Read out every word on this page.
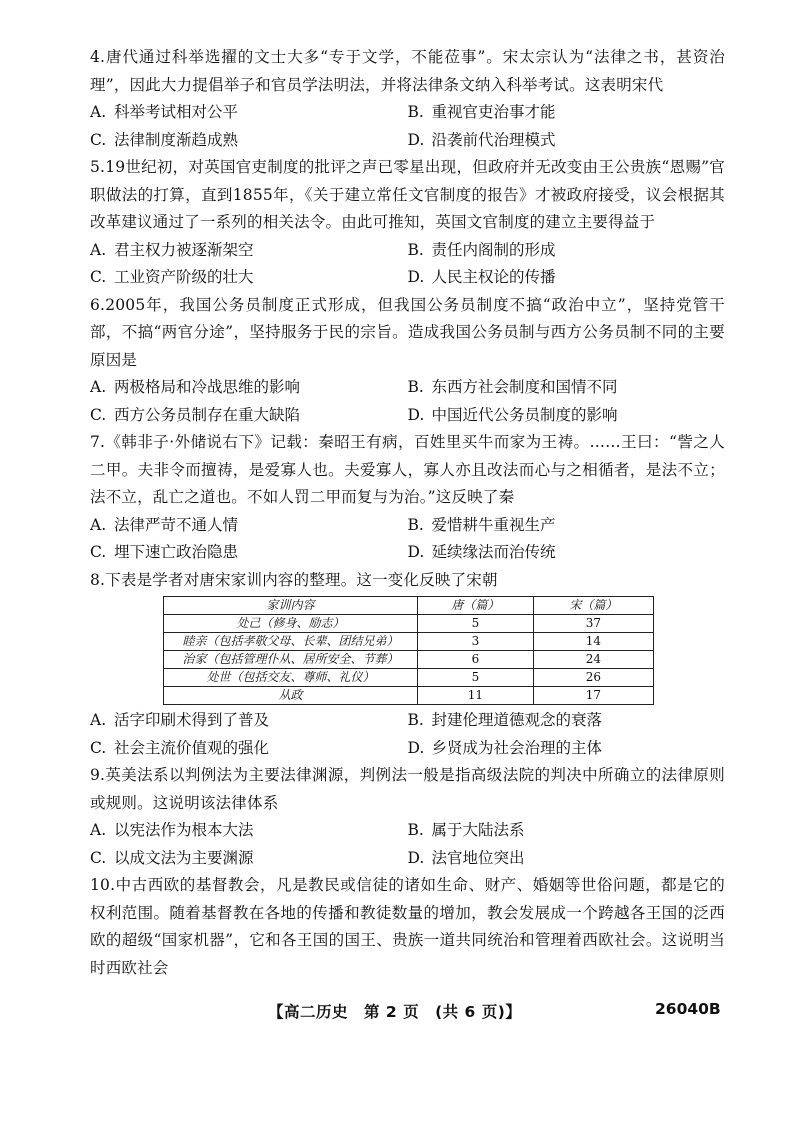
4.唐代通过科举选擢的文士大多“专于文学，不能莅事”。宋太宗认为“法律之书，甚资治理”，因此大力提倡举子和官员学法明法，并将法律条文纳入科举考试。这表明宋代

A. 科举考试相对公平	B. 重视官吏治事才能
C. 法律制度渐趋成熟	D. 沿袭前代治理模式

5.19世纪初，对英国官吏制度的批评之声已零星出现，但政府并无改变由王公贵族“恩赐”官职做法的打算，直到1855年，《关于建立常任文官制度的报告》才被政府接受，议会根据其改革建议通过了一系列的相关法令。由此可推知，英国文官制度的建立主要得益于

A. 君主权力被逐渐架空	B. 责任内阁制的形成
C. 工业资产阶级的壮大	D. 人民主权论的传播

6.2005年，我国公务员制度正式形成，但我国公务员制度不搞“政治中立”，坚持党管干部，不搞“两官分途”，坚持服务于民的宗旨。造成我国公务员制与西方公务员制不同的主要原因是

A. 两极格局和冷战思维的影响	B. 东西方社会制度和国情不同
C. 西方公务员制存在重大缺陷	D. 中国近代公务员制度的影响

7.《韩非子·外储说右下》记载：秦昭王有病，百姓里买牛而家为王祷。……王曰：“訾之人二甲。夫非令而擅祷，是爱寡人也。夫爱寡人，寡人亦且改法而心与之相循者，是法不立；法不立，乱亡之道也。不如人罚二甲而复与为治。”这反映了秦

A. 法律严苛不通人情	B. 爱惜耕牛重视生产
C. 埋下速亡政治隐患	D. 延续缘法而治传统

8.下表是学者对唐宋家训内容的整理。这一变化反映了宋朝

家训内容	唐（篇）	宋（篇）
处己（修身、励志）	5	37
睦亲（包括孝敬父母、长辈、团结兄弟）	3	14
治家（包括管理仆从、居所安全、节葬）	6	24
处世（包括交友、尊师、礼仪）	5	26
从政	11	17
A. 活字印刷术得到了普及	B. 封建伦理道德观念的衰落
C. 社会主流价值观的强化	D. 乡贤成为社会治理的主体

9.英美法系以判例法为主要法律渊源，判例法一般是指高级法院的判决中所确立的法律原则或规则。这说明该法律体系

A. 以宪法作为根本大法	B. 属于大陆法系
C. 以成文法为主要渊源	D. 法官地位突出

10.中古西欧的基督教会，凡是教民或信徒的诸如生命、财产、婚姻等世俗问题，都是它的权利范围。随着基督教在各地的传播和教徒数量的增加，教会发展成一个跨越各王国的泛西欧的超级“国家机器”，它和各王国的国王、贵族一道共同统治和管理着西欧社会。这说明当时西欧社会

【高二历史　第 2 页　(共 6 页)】	26040B
